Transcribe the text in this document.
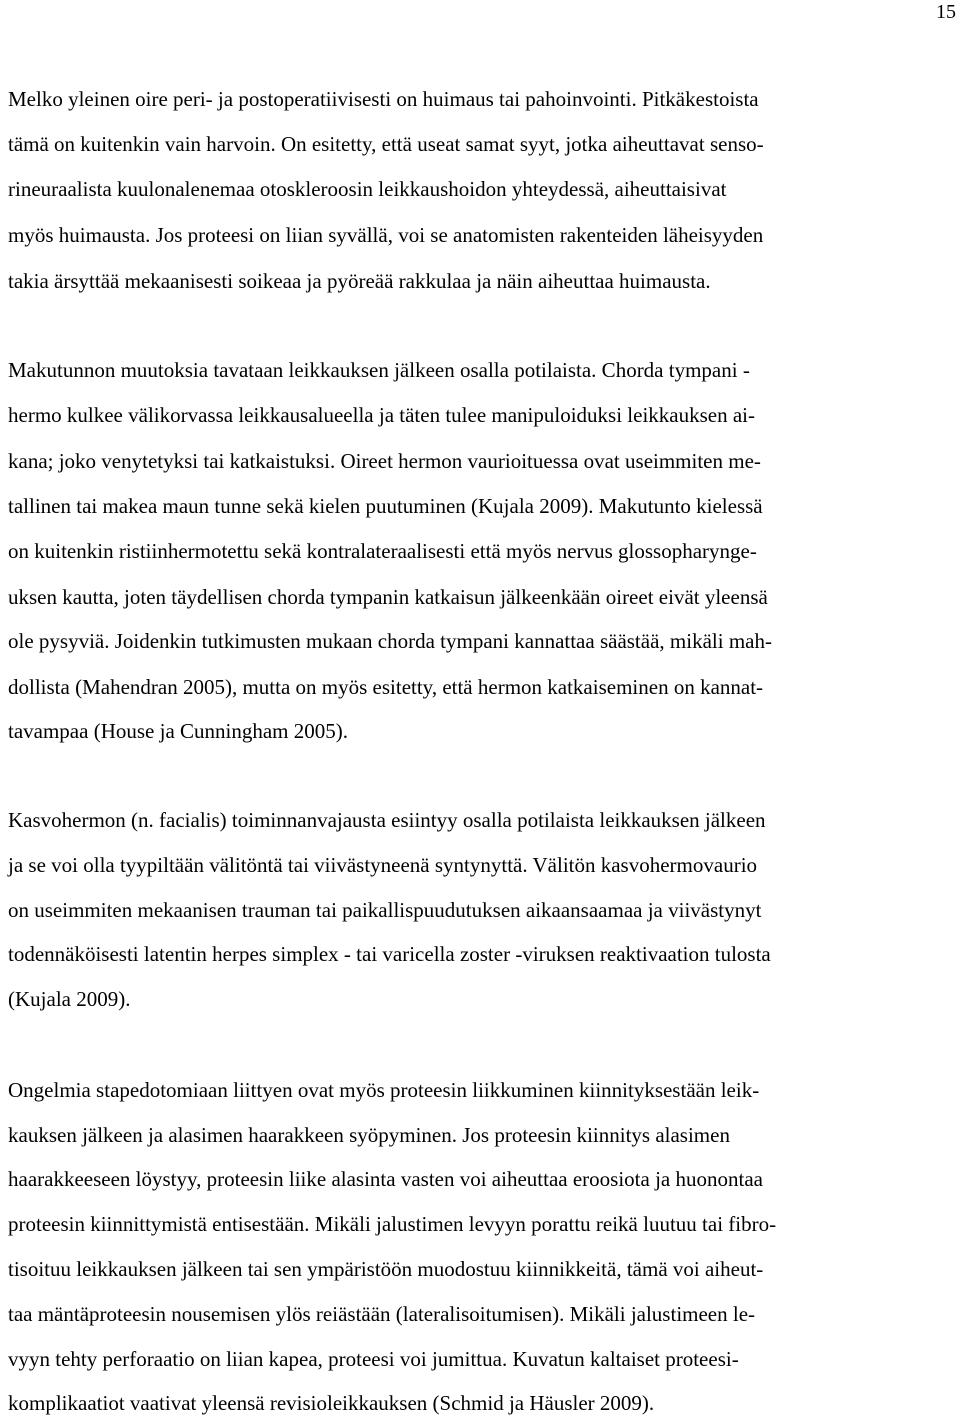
15
Melko yleinen oire peri- ja postoperatiivisesti on huimaus tai pahoinvointi. Pitkäkestoista
tämä on kuitenkin vain harvoin. On esitetty, että useat samat syyt, jotka aiheuttavat senso-
rineuraalista kuulonalenemaa otoskleroosin leikkaushoidon yhteydessä, aiheuttaisivat
myös huimausta. Jos proteesi on liian syvällä, voi se anatomisten rakenteiden läheisyyden
takia ärsyttää mekaanisesti soikeaa ja pyöreää rakkulaa ja näin aiheuttaa huimausta.
Makutunnon muutoksia tavataan leikkauksen jälkeen osalla potilaista. Chorda tympani -
hermo kulkee välikorvassa leikkausalueella ja täten tulee manipuloiduksi leikkauksen ai-
kana; joko venytetyksi tai katkaistuksi. Oireet hermon vaurioituessa ovat useimmiten me-
tallinen tai makea maun tunne sekä kielen puutuminen (Kujala 2009). Makutunto kielessä
on kuitenkin ristiinhermotettu sekä kontralateraalisesti että myös nervus glossopharynge-
uksen kautta, joten täydellisen chorda tympanin katkaisun jälkeenkään oireet eivät yleensä
ole pysyviä. Joidenkin tutkimusten mukaan chorda tympani kannattaa säästää, mikäli mah-
dollista (Mahendran 2005), mutta on myös esitetty, että hermon katkaiseminen on kannat-
tavampaa (House ja Cunningham 2005).
Kasvohermon (n. facialis) toiminnanvajausta esiintyy osalla potilaista leikkauksen jälkeen
ja se voi olla tyypiltään välitöntä tai viivästyneenä syntynyttä. Välitön kasvohermovaurio
on useimmiten mekaanisen trauman tai paikallispuudutuksen aikaansaamaa ja viivästynyt
todennäköisesti latentin herpes simplex - tai varicella zoster -viruksen reaktivaation tulosta
(Kujala 2009).
Ongelmia stapedotomiaan liittyen ovat myös proteesin liikkuminen kiinnityksestään leik-
kauksen jälkeen ja alasimen haarakkeen syöpyminen. Jos proteesin kiinnitys alasimen
haarakkeeseen löystyy, proteesin liike alasinta vasten voi aiheuttaa eroosiota ja huonontaa
proteesin kiinnittymistä entisestään. Mikäli jalustimen levyyn porattu reikä luutuu tai fibro-
tisoituu leikkauksen jälkeen tai sen ympäristöön muodostuu kiinnikkeitä, tämä voi aiheut-
taa mäntäproteesin nousemisen ylös reiästään (lateralisoitumisen). Mikäli jalustimeen le-
vyyn tehty perforaatio on liian kapea, proteesi voi jumittua. Kuvatun kaltaiset proteesi-
komplikaatiot vaativat yleensä revisioleikkauksen (Schmid ja Häusler 2009).
